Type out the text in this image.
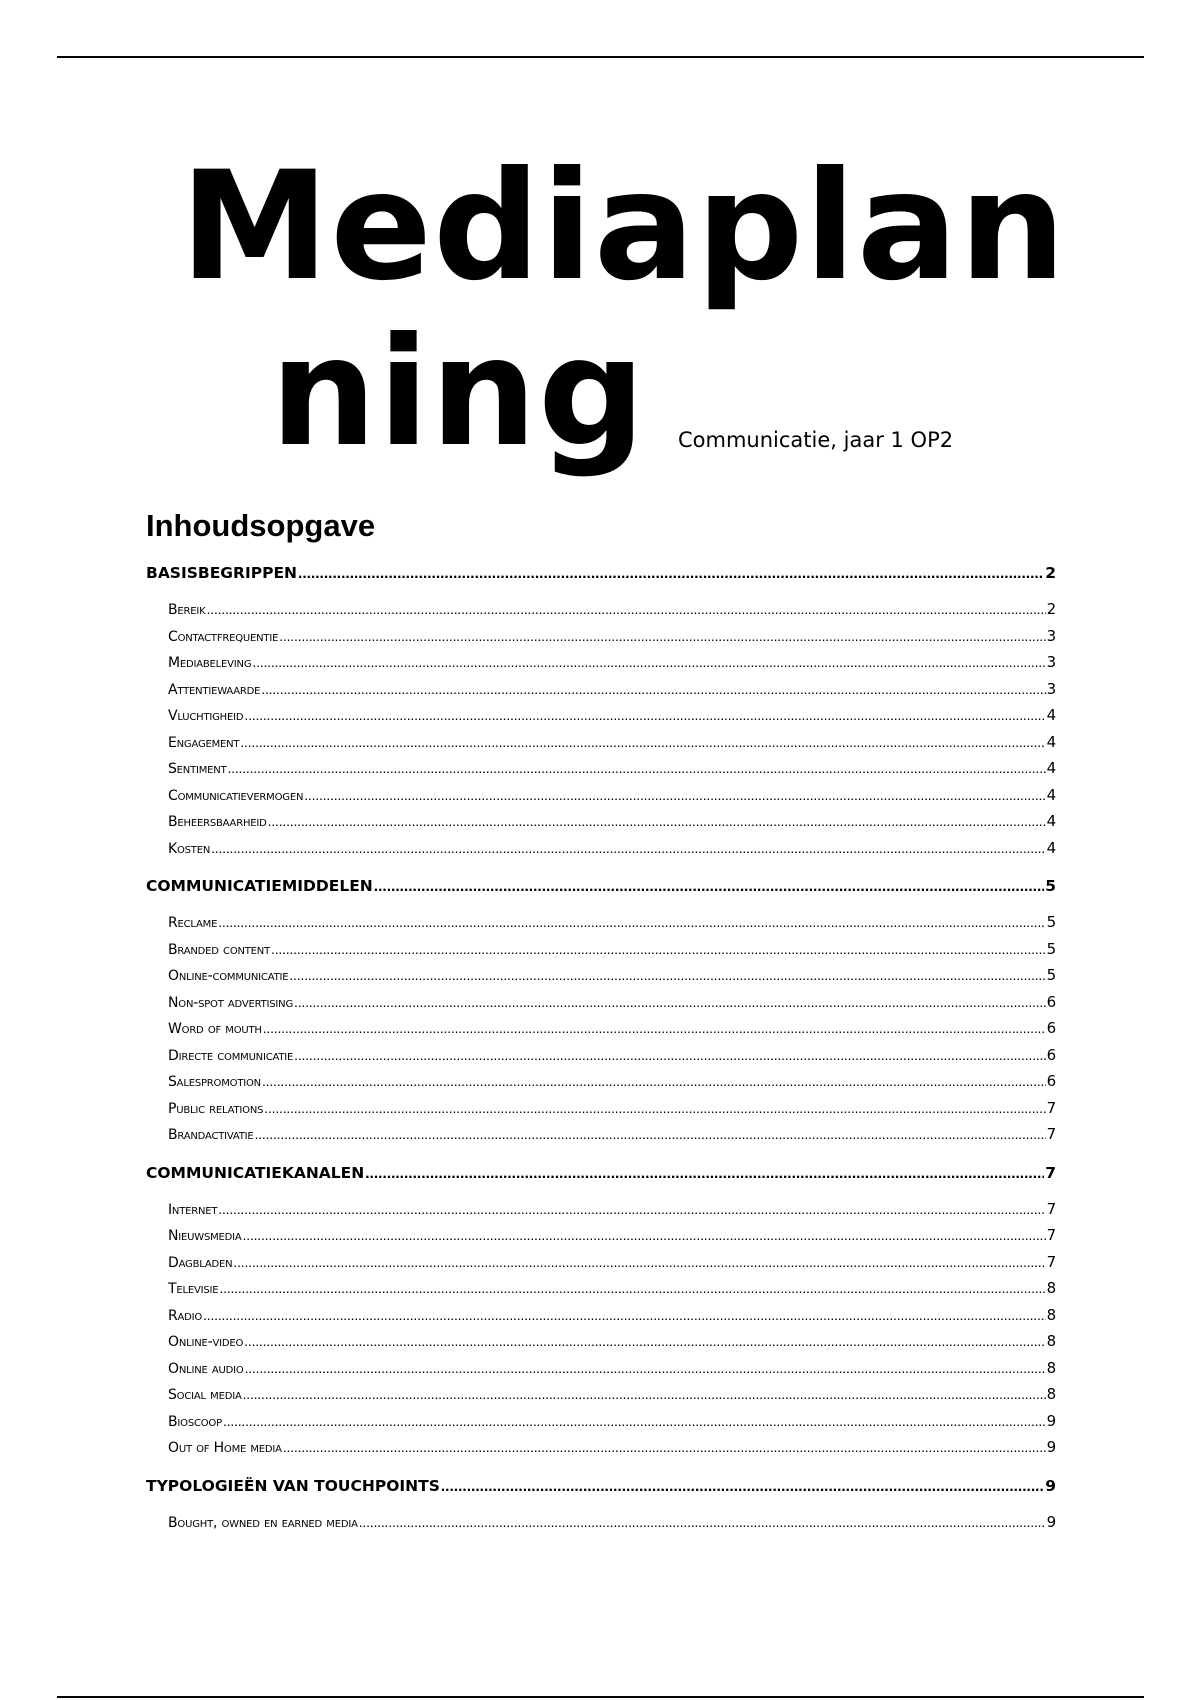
Mediaplan
ning Communicatie, jaar 1 OP2
Inhoudsopgave
BASISBEGRIPPEN .....	2
Bereik .....	2
Contactfrequentie .....	3
Mediabeleving .....	3
Attentiewaarde .....	3
Vluchtigheid .....	4
Engagement .....	4
Sentiment .....	4
Communicatievermogen .....	4
Beheersbaarheid .....	4
Kosten .....	4
COMMUNICATIEMIDDELEN .....	5
Reclame .....	5
Branded content .....	5
Online-communicatie .....	5
Non-spot advertising .....	6
Word of mouth .....	6
Directe communicatie .....	6
Salespromotion .....	6
Public relations .....	7
Brandactivatie .....	7
COMMUNICATIEKANALEN .....	7
Internet .....	7
Nieuwsmedia .....	7
Dagbladen .....	7
Televisie .....	8
Radio .....	8
Online-video .....	8
Online audio .....	8
Social media .....	8
Bioscoop .....	9
Out of Home media .....	9
TYPOLOGIEËN VAN TOUCHPOINTS .....	9
Bought, owned en earned media .....	9
